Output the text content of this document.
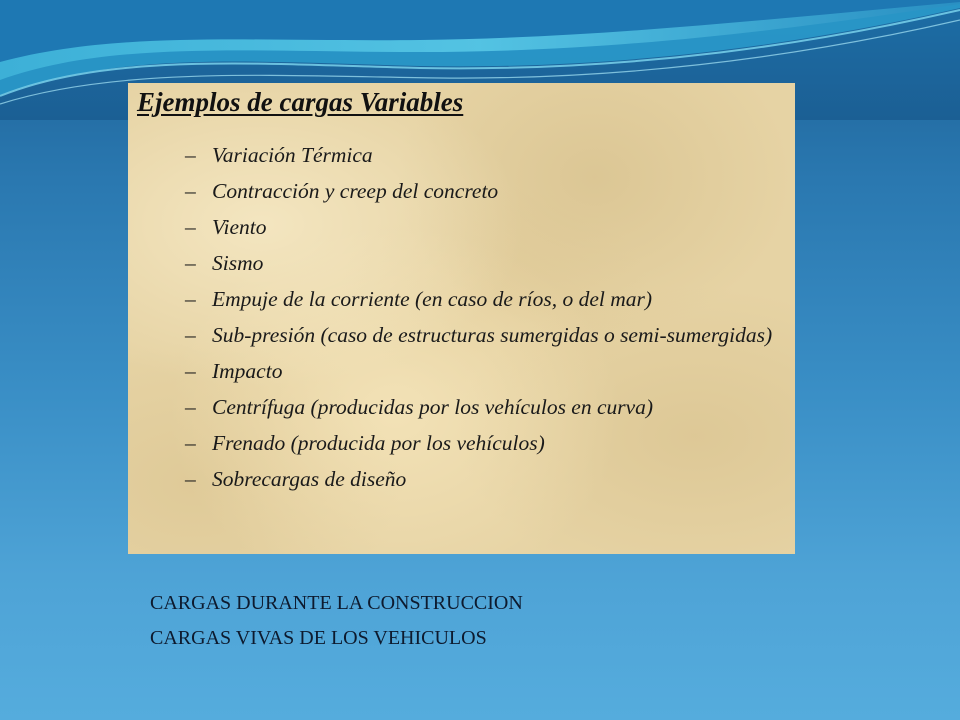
Ejemplos de cargas Variables
– Variación Térmica
– Contracción y creep del concreto
– Viento
– Sismo
– Empuje de la corriente (en caso de ríos, o del mar)
– Sub-presión (caso de estructuras sumergidas o semi-sumergidas)
– Impacto
– Centrífuga (producidas por los vehículos en curva)
– Frenado (producida por los vehículos)
– Sobrecargas de diseño
CARGAS DURANTE LA CONSTRUCCION
CARGAS VIVAS DE LOS VEHICULOS
